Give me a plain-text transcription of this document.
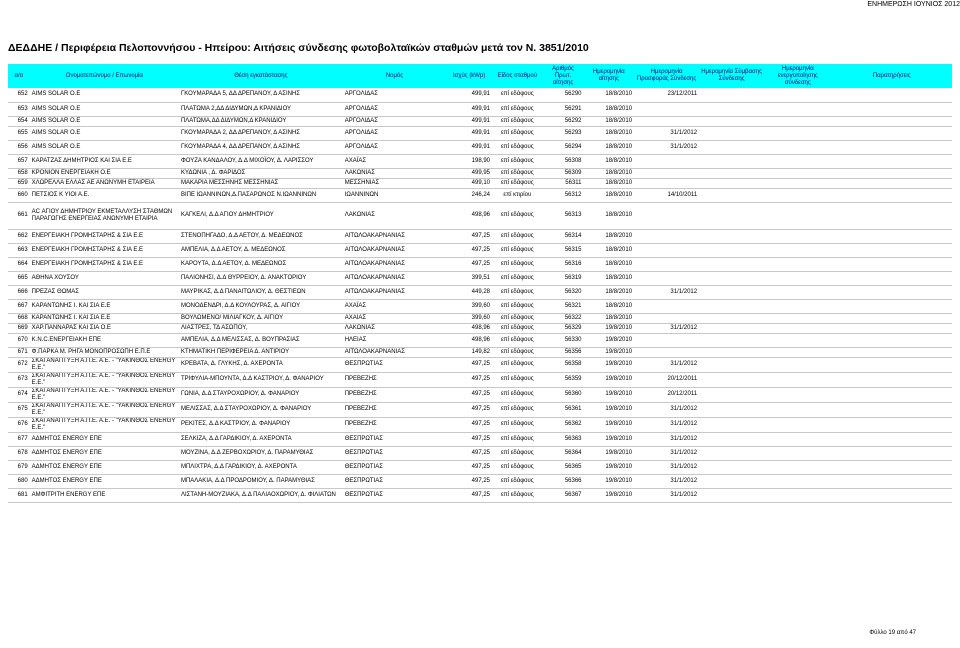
ΕΝΗΜΕΡΩΣΗ ΙΟΥΝΙΟΣ 2012
ΔΕΔΔΗΕ / Περιφέρεια Πελοποννήσου - Ηπείρου: Αιτήσεις σύνδεσης φωτοβολταϊκών σταθμών μετά τον Ν. 3851/2010
α/α	Ονοματεπώνυμο / Επωνυμία	Θέση εγκατάστασης	Νομός	Ισχύς (kWp)	Είδος σταθμού	Αριθμός Πρωτ. αίτησης	Ημερομηνία αίτησης	Ημερομηνία Προσφοράς Σύνδεσης	Ημερομηνία Σύμβασης Σύνδεσης	Ημερομηνία ενεργοποίησης σύνδεσης	Παρατηρήσεις
652	AIMS SOLAR O.E	ΓΚΟΥΜΑΡΑΔΑ 5, ΔΔ ΔΡΕΠΑΝΟΥ, Δ ΑΣΙΝΗΣ	ΑΡΓΟΛΙΔΑΣ	499,91	επί εδάφους	56290	18/8/2010	23/12/2011			
653	AIMS SOLAR O.E	ΠΛΑΤΩΜΑ 2,ΔΔ ΔΙΔΥΜΩΝ,Δ ΚΡΑΝΙΔΙΟΥ	ΑΡΓΟΛΙΔΑΣ	499,91	επί εδάφους	56291	18/8/2010				
654	AIMS SOLAR O.E	ΠΛΑΤΩΜΑ,ΔΔ ΔΙΔΥΜΩΝ,Δ ΚΡΑΝΙΔΙΟΥ	ΑΡΓΟΛΙΔΑΣ	499,91	επί εδάφους	56292	18/8/2010				
655	AIMS SOLAR O.E	ΓΚΟΥΜΑΡΑΔΑ 2, ΔΔ ΔΡΕΠΑΝΟΥ, Δ ΑΣΙΝΗΣ	ΑΡΓΟΛΙΔΑΣ	499,91	επί εδάφους	56293	18/8/2010	31/1/2012			
656	AIMS SOLAR O.E	ΓΚΟΥΜΑΡΑΔΑ 4, ΔΔ ΔΡΕΠΑΝΟΥ, Δ ΑΣΙΝΗΣ	ΑΡΓΟΛΙΔΑΣ	499,91	επί εδάφους	56294	18/8/2010	31/1/2012			
657	ΚΑΡΑΤΖΑΣ ΔΗΜΗΤΡΙΟΣ ΚΑΙ ΣΙΑ Ε.Ε	ΦΟΥΖΑ ΚΑΝΔΑΛΟΥ, Δ.Δ ΜΙΧΟΪΟΥ, Δ. ΛΑΡΙΣΣΟΥ	ΑΧΑΪΑΣ	198,90	επί εδάφους	56308	18/8/2010				
658	ΚΡΟΝΙΟΝ ΕΝΕΡΓΕΙΑΚΗ Ο.Ε	ΚΥΔΩΝΙΑ , Δ. ΦΑΡΙΔΟΣ	ΛΑΚΩΝΙΑΣ	499,95	επί εδάφους	56309	18/8/2010				
659	ΧΛΩΡΕΛΛΑ ΕΛΛΑΣ ΑΕ ΑΝΩΝΥΜΗ ΕΤΑΙΡΕΙΑ	ΜΑΚΑΡΙΑ ΜΕΣΣΗΝΗΣ ΜΕΣΣΗΝΙΑΣ	ΜΕΣΣΗΝΙΑΣ	499,10	επί εδάφους	56311	18/8/2010				
660	ΠΕΤΣΙΟΣ Κ ΥΙΟΙ Α.Ε.	ΒΙΠΕ ΙΩΑΝΝΙΝΩΝ,Δ.ΠΑΣΑΡΩΝΟΣ Ν.ΙΩΑΝΝΙΝΩΝ	ΙΩΑΝΝΙΝΩΝ	246,24	επί κτιρίου	56312	18/8/2010	14/10/2011			
661	ΑC ΑΓΙΟΥ ΔΗΜΗΤΡΙΟΥ ΕΚΜΕΤΑΛΛΥΣΗ ΣΤΑΘΜΩΝ ΠΑΡΑΓΩΓΗΣ ΕΝΕΡΓΕΙΑΣ ΑΝΩΝΥΜΗ ΕΤΑΙΡΙΑ	ΚΑΓΚΕΛΙ, Δ.Δ ΑΓΙΟΥ ΔΗΜΗΤΡΙΟΥ	ΛΑΚΩΝΙΑΣ	498,96	επί εδάφους	56313	18/8/2010				
662	ΕΝΕΡΓΕΙΑΚΗ ΓΡΟΜΗΣΤΑΡΗΣ & ΣΙΑ Ε.Ε	ΣΤΕΝΟΠΗΓΑΔΟ, Δ.Δ ΑΕΤΟΥ, Δ. ΜΕΔΕΩΝΟΣ	ΑΙΤΩΛΟΑΚΑΡΝΑΝΙΑΣ	497,25	επί εδάφους	56314	18/8/2010				
663	ΕΝΕΡΓΕΙΑΚΗ ΓΡΟΜΗΣΤΑΡΗΣ & ΣΙΑ Ε.Ε	ΑΜΠΕΛΙΑ, Δ.Δ ΑΕΤΟΥ, Δ. ΜΕΔΕΩΝΟΣ	ΑΙΤΩΛΟΑΚΑΡΝΑΝΙΑΣ	497,25	επί εδάφους	56315	18/8/2010				
664	ΕΝΕΡΓΕΙΑΚΗ ΓΡΟΜΗΣΤΑΡΗΣ & ΣΙΑ Ε.Ε	ΚΑΡΟΥΤΑ, Δ.Δ ΑΕΤΟΥ, Δ. ΜΕΔΕΩΝΟΣ	ΑΙΤΩΛΟΑΚΑΡΝΑΝΙΑΣ	497,25	επί εδάφους	56316	18/8/2010				
665	ΑΘΗΝΑ ΧΟΥΣΟΥ	ΠΑΛΙΟΝΗΣΙ, Δ.Δ ΘΥΡΡΕΙΟΥ, Δ. ΑΝΑΚΤΟΡΙΟΥ	ΑΙΤΩΛΟΑΚΑΡΝΑΝΙΑΣ	399,51	επί εδάφους	56319	18/8/2010				
666	ΠΡΕΖΑΣ ΘΩΜΑΣ	ΜΑΥΡΙΚΑΣ, Δ.Δ ΠΑΝΑΙΤΩΛΙΟΥ, Δ. ΘΕΣΤΙΕΩΝ	ΑΙΤΩΛΟΑΚΑΡΝΑΝΙΑΣ	449,28	επί εδάφους	56320	18/8/2010	31/1/2012			
667	ΚΑΡΑΝΤΩΝΗΣ Ι. ΚΑΙ ΣΙΑ Ε.Ε	ΜΟΝΟΔΕΝΔΡΙ, Δ.Δ ΚΟΥΛΟΥΡΑΣ, Δ. ΑΙΓΙΟΥ	ΑΧΑΪΑΣ	399,60	επί εδάφους	56321	18/8/2010				
668	ΚΑΡΑΝΤΩΝΗΣ Ι. ΚΑΙ ΣΙΑ Ε.Ε	ΒΟΥΛΩΜΕΝΟ/ ΜΙΛΙΑΓΚΟΥ, Δ. ΑΙΓΙΟΥ	ΑΧΑΪΑΣ	399,60	επί εδάφους	56322	18/8/2010				
669	ΧΑΡ.ΠΑΝΝΑΡΑΣ ΚΑΙ ΣΙΑ Ο.Ε	ΛΙΑΣΤΡΕΣ, ΤΔ ΑΣΩΠΟΥ,	ΛΑΚΩΝΙΑΣ	498,96	επί εδάφους	56329	19/8/2010	31/1/2012			
670	Κ.Ν.C.ΕΝΕΡΓΕΙΑΚΗ ΕΠΕ	ΑΜΠΕΛΙΑ, Δ.Δ ΜΕΛΙΣΣΑΣ, Δ. ΒΟΥΠΡΑΣΙΑΣ	ΗΛΕΙΑΣ	498,96	επί εδάφους	56330	19/8/2010				
671	Φ.ΠΑΡΚΑ Μ. ΡΗΓΑ ΜΟΝΟΠΡΟΣΩΠΗ Ε.Π.Ε	ΚΤΗΜΑΤΙΚΗ ΠΕΡΙΦΕΡΕΙΑ Δ. ΑΝΤΙΡΙΟΥ	ΑΙΤΩΛΟΑΚΑΡΝΑΝΙΑΣ	149,82	επί εδάφους	56356	19/8/2010				
672	ΣΚΑΙ ΑΝΑΠΤΥΞΗ Α.Π.Ε. Α.Ε. - "ΥΑΚΙΝΘΟΣ ENERGY E.E."	ΚΡΕΒΑΤΑ, Δ. ΓΛΥΚΗΣ, Δ. ΑΧΕΡΟΝΤΑ	ΘΕΣΠΡΩΤΙΑΣ	497,25	επί εδάφους	56358	19/8/2010	31/1/2012			
673	ΣΚΑΙ ΑΝΑΠΤΥΞΗ Α.Π.Ε. Α.Ε. - "ΥΑΚΙΝΘΟΣ ENERGY E.E."	ΤΡΙΦΥΛΙΑ-ΜΠΟΥΝΤΑ, Δ.Δ ΚΑΣΤΡΙΟΥ, Δ. ΦΑΝΑΡΙΟΥ	ΠΡΕΒΕΖΗΣ	497,25	επί εδάφους	56359	19/8/2010	20/12/2011			
674	ΣΚΑΙ ΑΝΑΠΤΥΞΗ Α.Π.Ε. Α.Ε. - "ΥΑΚΙΝΘΟΣ ENERGY E.E."	ΓΩΝΙΑ, Δ.Δ ΣΤΑΥΡΟΧΩΡΙΟΥ, Δ. ΦΑΝΑΡΙΟΥ	ΠΡΕΒΕΖΗΣ	497,25	επί εδάφους	56360	19/8/2010	20/12/2011			
675	ΣΚΑΙ ΑΝΑΠΤΥΞΗ Α.Π.Ε. Α.Ε. - "ΥΑΚΙΝΘΟΣ ENERGY E.E."	ΜΕΛΙΣΣΑΣ, Δ.Δ ΣΤΑΥΡΟΧΩΡΙΟΥ, Δ. ΦΑΝΑΡΙΟΥ	ΠΡΕΒΕΖΗΣ	497,25	επί εδάφους	56361	19/8/2010	31/1/2012			
676	ΣΚΑΙ ΑΝΑΠΤΥΞΗ Α.Π.Ε. Α.Ε. - "ΥΑΚΙΝΘΟΣ ENERGY E.E."	ΡΕΚΙΤΕΣ, Δ.Δ ΚΑΣΤΡΙΟΥ, Δ. ΦΑΝΑΡΙΟΥ	ΠΡΕΒΕΖΗΣ	497,25	επί εδάφους	56362	19/8/2010	31/1/2012			
677	ΑΔΜΗΤΟΣ ENERGY ΕΠΕ	ΣΕΛΚΙΖΑ, Δ.Δ ΓΑΡΔΙΚΙΟΥ, Δ. ΑΧΕΡΟΝΤΑ	ΘΕΣΠΡΩΤΙΑΣ	497,25	επί εδάφους	56363	19/8/2010	31/1/2012			
678	ΑΔΜΗΤΟΣ ENERGY ΕΠΕ	ΜΟΥΖΙΝΑ, Δ.Δ ΖΕΡΒΟΧΩΡΙΟΥ, Δ. ΠΑΡΑΜΥΘΙΑΣ	ΘΕΣΠΡΩΤΙΑΣ	497,25	επί εδάφους	56364	19/8/2010	31/1/2012			
679	ΑΔΜΗΤΟΣ ENERGY ΕΠΕ	ΜΠΛΙΧΤΡΑ, Δ.Δ ΓΑΡΔΙΚΙΟΥ, Δ. ΑΧΕΡΟΝΤΑ	ΘΕΣΠΡΩΤΙΑΣ	497,25	επί εδάφους	56365	19/8/2010	31/1/2012			
680	ΑΔΜΗΤΟΣ ENERGY ΕΠΕ	ΜΠΑΛΑΚΙΑ, Δ.Δ ΠΡΟΔΡΟΜΙΟΥ, Δ. ΠΑΡΑΜΥΘΙΑΣ	ΘΕΣΠΡΩΤΙΑΣ	497,25	επί εδάφους	56366	19/8/2010	31/1/2012			
681	ΑΜΦΙΤΡΙΤΗ ENERGY ΕΠΕ	ΛΙΣΤΑΝΗ-ΜΟΥΖΙΑΚΑ, Δ.Δ ΠΑΛΙΑΟΧΩΡΙΟΥ, Δ. ΦΙΛΙΑΤΩΝ	ΘΕΣΠΡΩΤΙΑΣ	497,25	επί εδάφους	56367	19/8/2010	31/1/2012			
Φύλλο 19 από 47
